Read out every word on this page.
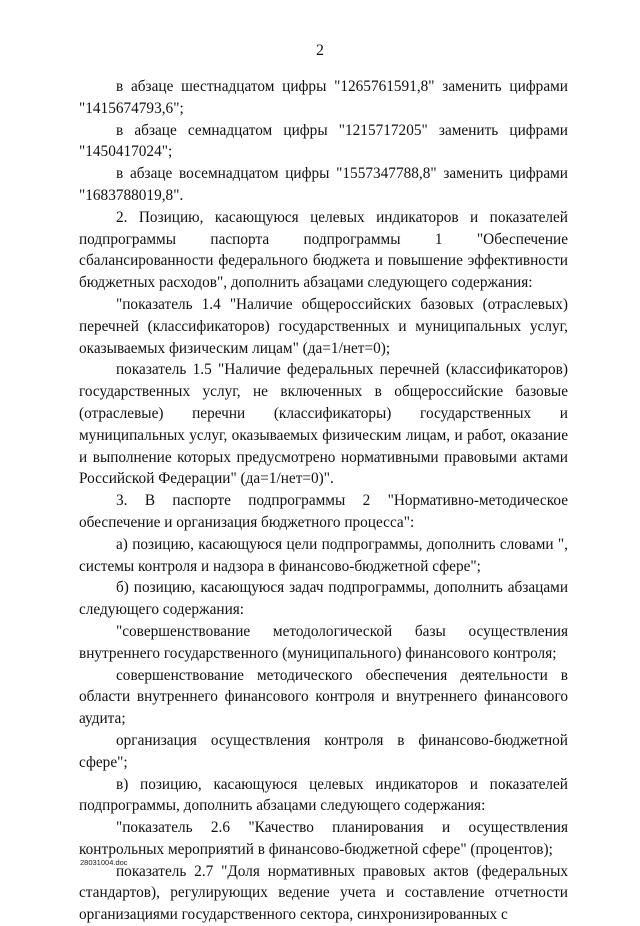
2

в абзаце шестнадцатом цифры "1265761591,8" заменить цифрами "1415674793,6";

в абзаце семнадцатом цифры "1215717205" заменить цифрами "1450417024";

в абзаце восемнадцатом цифры "1557347788,8" заменить цифрами "1683788019,8".

2. Позицию, касающуюся целевых индикаторов и показателей подпрограммы паспорта подпрограммы 1 "Обеспечение сбалансированности федерального бюджета и повышение эффективности бюджетных расходов", дополнить абзацами следующего содержания:

"показатель 1.4 "Наличие общероссийских базовых (отраслевых) перечней (классификаторов) государственных и муниципальных услуг, оказываемых физическим лицам" (да=1/нет=0);

показатель 1.5 "Наличие федеральных перечней (классификаторов) государственных услуг, не включенных в общероссийские базовые (отраслевые) перечни (классификаторы) государственных и муниципальных услуг, оказываемых физическим лицам, и работ, оказание и выполнение которых предусмотрено нормативными правовыми актами Российской Федерации" (да=1/нет=0)".

3. В паспорте подпрограммы 2 "Нормативно-методическое обеспечение и организация бюджетного процесса":

а) позицию, касающуюся цели подпрограммы, дополнить словами ", системы контроля и надзора в финансово-бюджетной сфере";

б) позицию, касающуюся задач подпрограммы, дополнить абзацами следующего содержания:

"совершенствование методологической базы осуществления внутреннего государственного (муниципального) финансового контроля;

совершенствование методического обеспечения деятельности в области внутреннего финансового контроля и внутреннего финансового аудита;

организация осуществления контроля в финансово-бюджетной сфере";

в) позицию, касающуюся целевых индикаторов и показателей подпрограммы, дополнить абзацами следующего содержания:

"показатель 2.6 "Качество планирования и осуществления контрольных мероприятий в финансово-бюджетной сфере" (процентов);

показатель 2.7 "Доля нормативных правовых актов (федеральных стандартов), регулирующих ведение учета и составление отчетности организациями государственного сектора, синхронизированных с

28031004.doc
